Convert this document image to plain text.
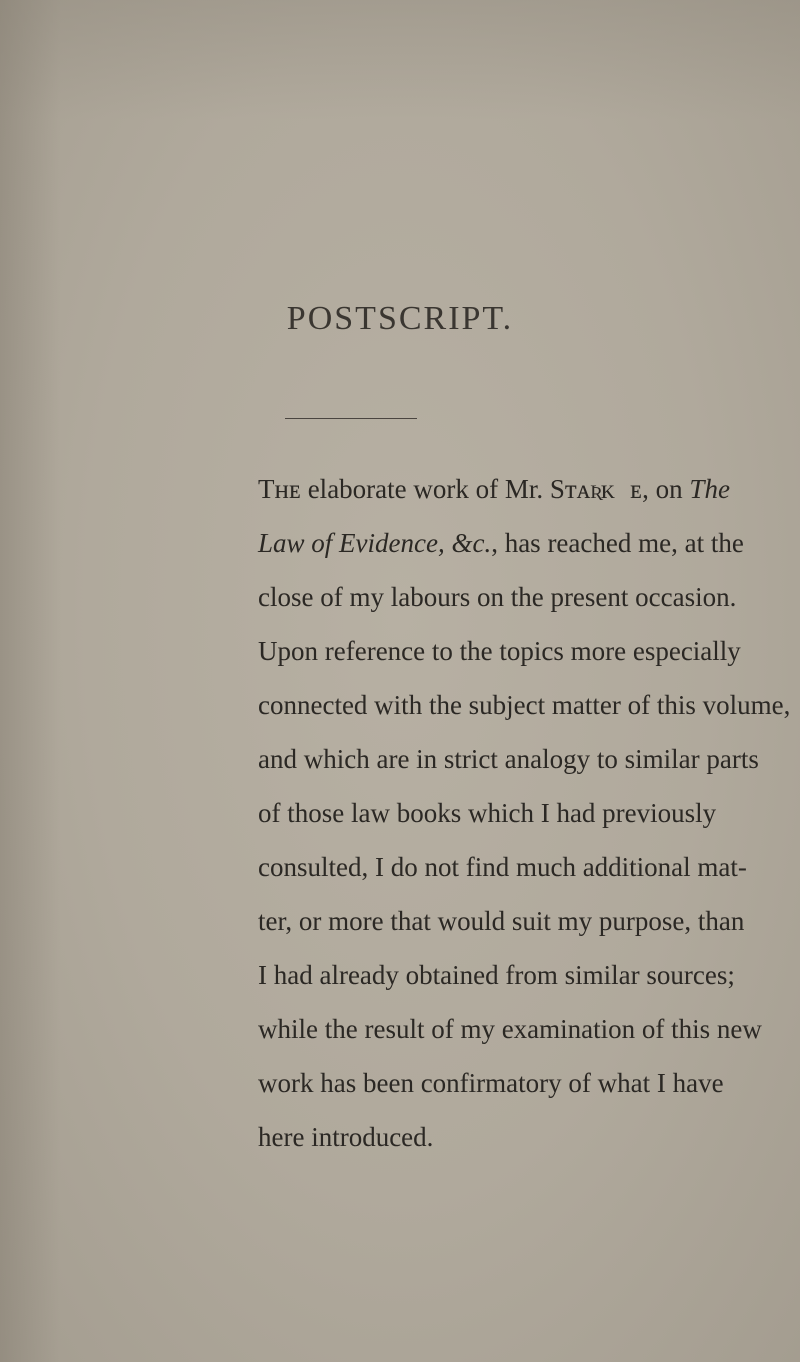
POSTSCRIPT.
Tʜᴇ elaborate work of Mr. Sᴛᴀʀᴋɪᴇ, on The
Law of Evidence, &c., has reached me, at the
close of my labours on the present occasion.
Upon reference to the topics more especially
connected with the subject matter of this volume,
and which are in strict analogy to similar parts
of those law books which I had previously
consulted, I do not find much additional mat-
ter, or more that would suit my purpose, than
I had already obtained from similar sources;
while the result of my examination of this new
work has been confirmatory of what I have
here introduced.
